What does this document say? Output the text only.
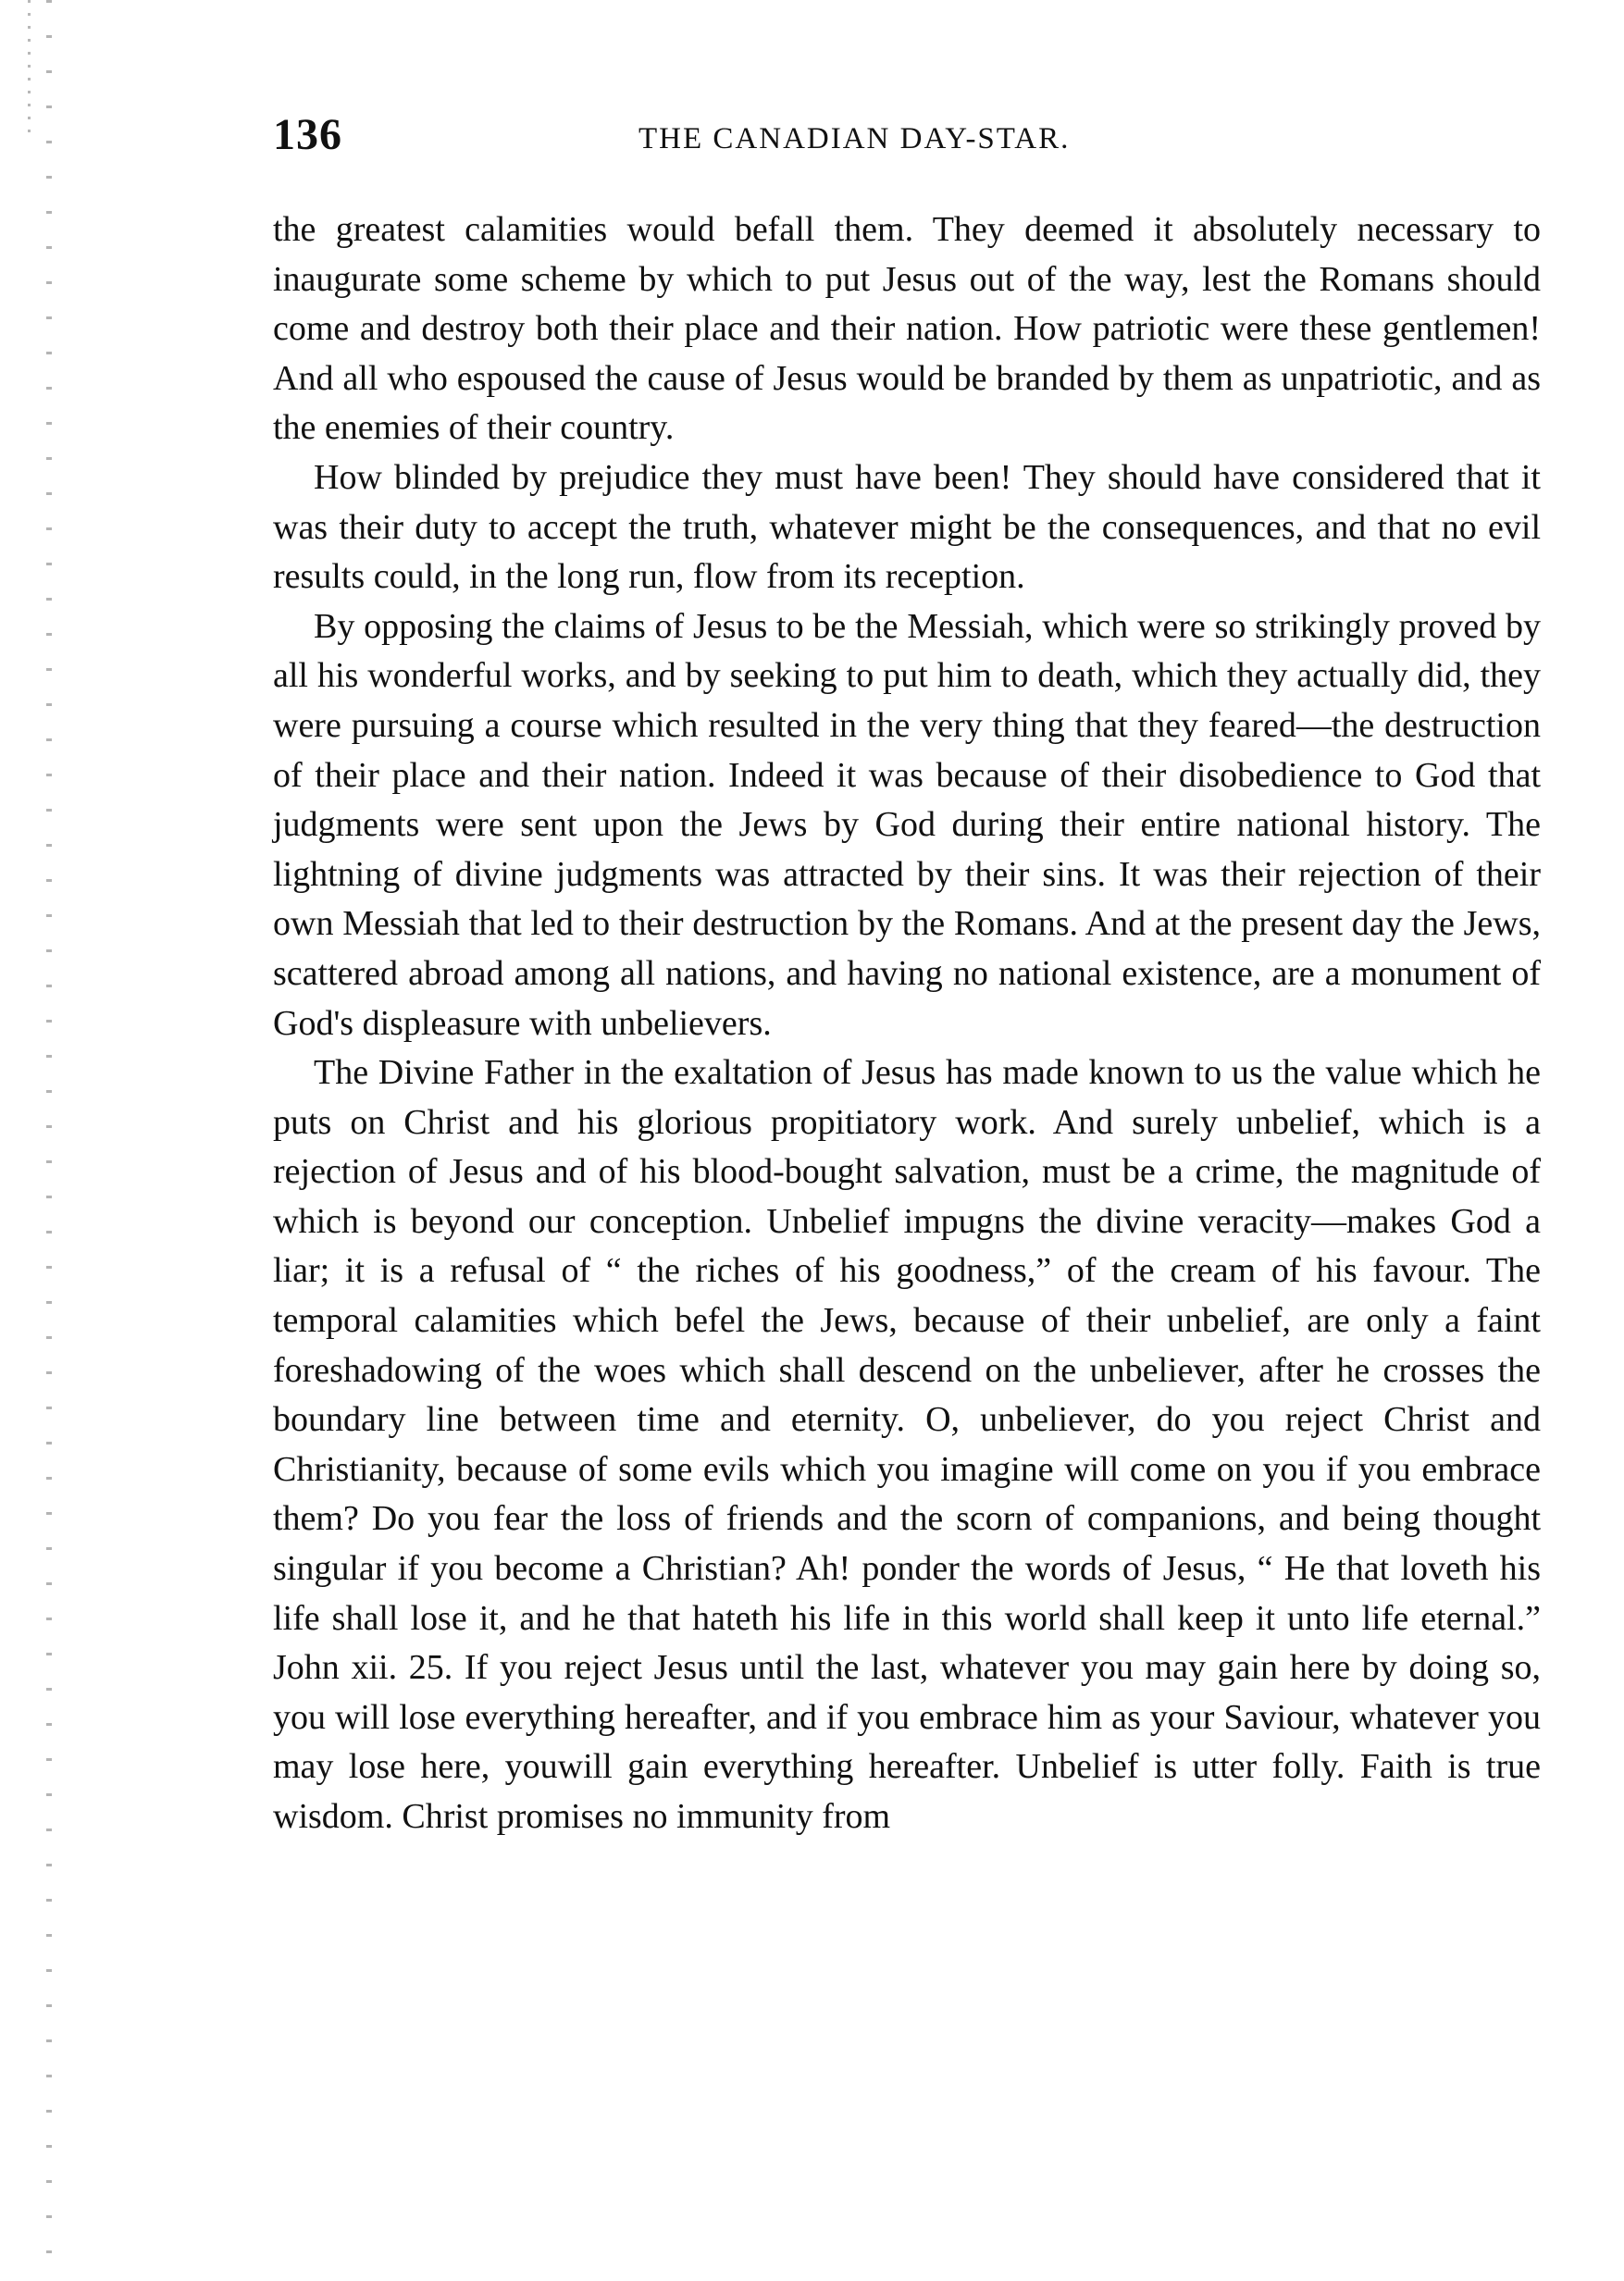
136	THE CANADIAN DAY-STAR.

the greatest calamities would befall them. They deemed it absolutely necessary to inaugurate some scheme by which to put Jesus out of the way, lest the Romans should come and destroy both their place and their nation. How patriotic were these gentlemen! And all who espoused the cause of Jesus would be branded by them as unpatriotic, and as the enemies of their country.

How blinded by prejudice they must have been! They should have considered that it was their duty to accept the truth, whatever might be the consequences, and that no evil results could, in the long run, flow from its reception.

By opposing the claims of Jesus to be the Messiah, which were so strikingly proved by all his wonderful works, and by seeking to put him to death, which they actually did, they were pursuing a course which resulted in the very thing that they feared—the destruction of their place and their nation. Indeed it was because of their disobedience to God that judgments were sent upon the Jews by God during their entire national history. The lightning of divine judgments was attracted by their sins. It was their rejection of their own Messiah that led to their destruction by the Romans. And at the present day the Jews, scattered abroad among all nations, and having no national existence, are a monument of God's displeasure with unbelievers.

The Divine Father in the exaltation of Jesus has made known to us the value which he puts on Christ and his glorious propitiatory work. And surely unbelief, which is a rejection of Jesus and of his blood-bought salvation, must be a crime, the magnitude of which is beyond our conception. Unbelief impugns the divine veracity—makes God a liar; it is a refusal of “ the riches of his goodness,” of the cream of his favour. The temporal calamities which befel the Jews, because of their unbelief, are only a faint foreshadowing of the woes which shall descend on the unbeliever, after he crosses the boundary line between time and eternity. O, unbeliever, do you reject Christ and Christianity, because of some evils which you imagine will come on you if you embrace them? Do you fear the loss of friends and the scorn of companions, and being thought singular if you become a Christian? Ah! ponder the words of Jesus, “ He that loveth his life shall lose it, and he that hateth his life in this world shall keep it unto life eternal.” John xii. 25. If you reject Jesus until the last, whatever you may gain here by doing so, you will lose everything hereafter, and if you embrace him as your Saviour, whatever you may lose here, youwill gain everything hereafter. Unbelief is utter folly. Faith is true wisdom. Christ promises no immunity from
